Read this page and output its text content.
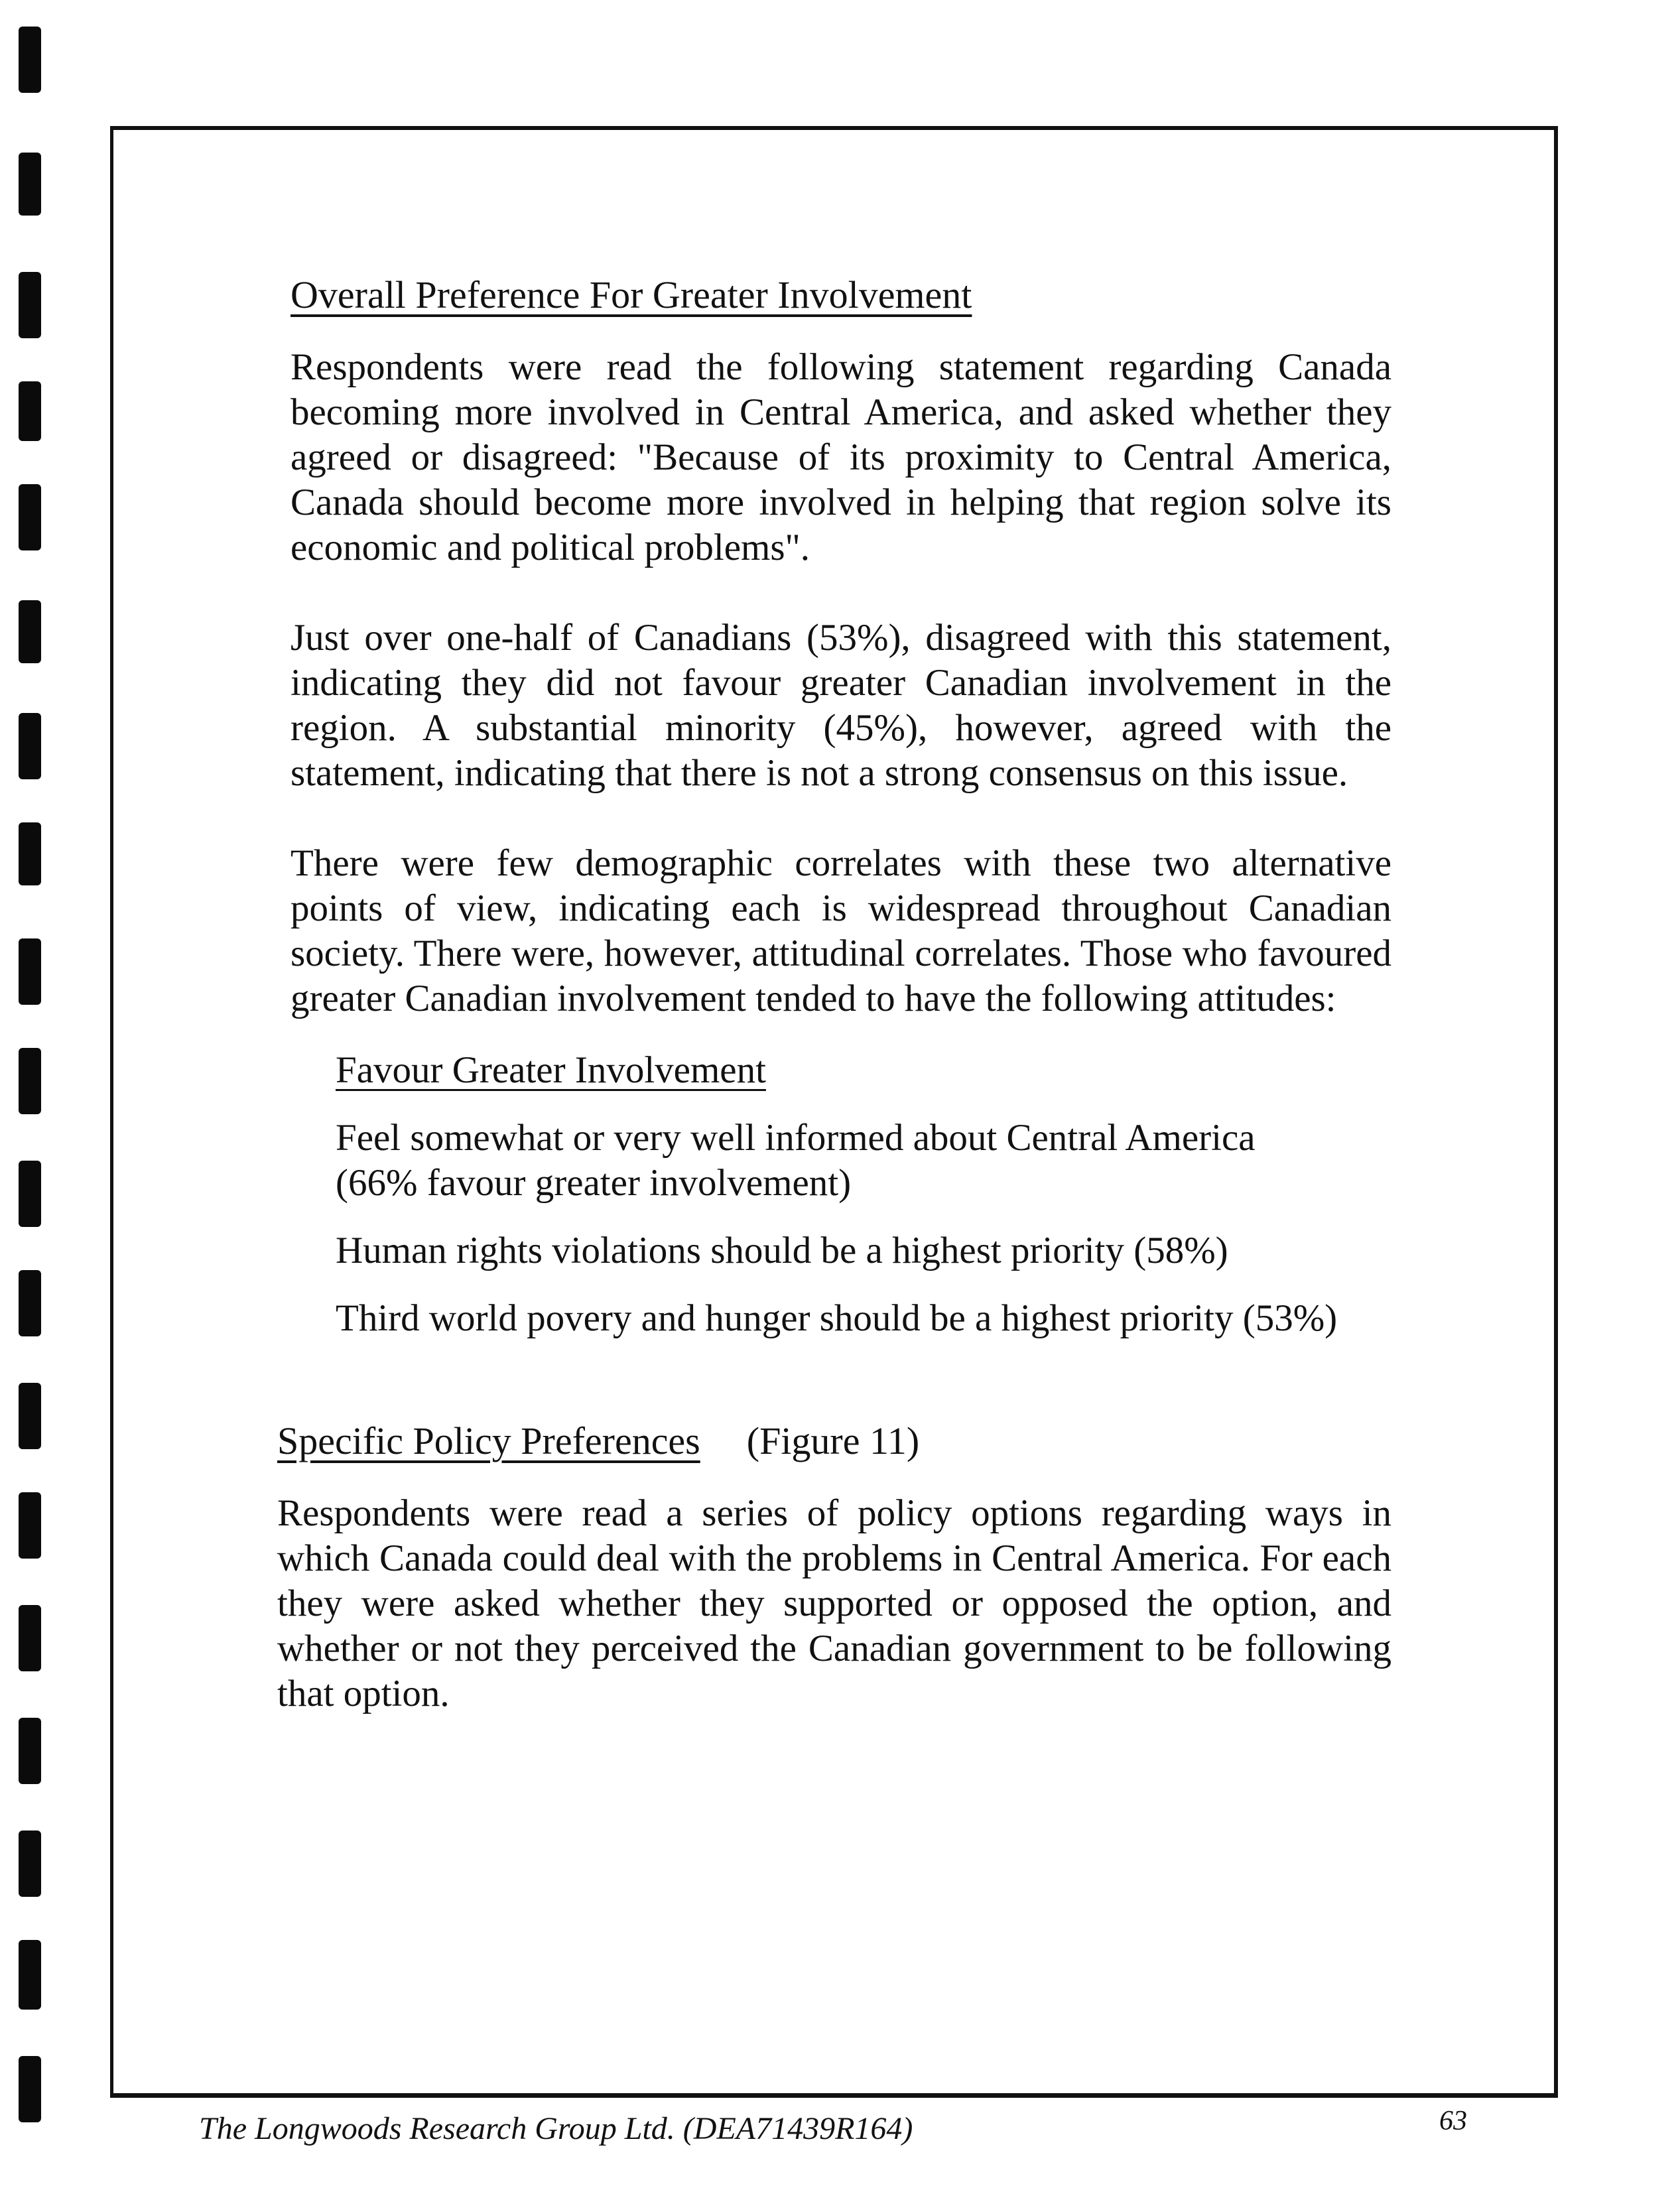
Overall Preference For Greater Involvement

Respondents were read the following statement regarding Canada becoming more involved in Central America, and asked whether they agreed or disagreed: "Because of its proximity to Central America, Canada should become more involved in helping that region solve its economic and political problems".

Just over one-half of Canadians (53%), disagreed with this statement, indicating they did not favour greater Canadian involvement in the region. A substantial minority (45%), however, agreed with the statement, indicating that there is not a strong consensus on this issue.

There were few demographic correlates with these two alternative points of view, indicating each is widespread throughout Canadian society. There were, however, attitudinal correlates. Those who favoured greater Canadian involvement tended to have the following attitudes:

Favour Greater Involvement
Feel somewhat or very well informed about Central America (66% favour greater involvement)
Human rights violations should be a highest priority (58%)
Third world povery and hunger should be a highest priority (53%)
Specific Policy Preferences (Figure 11)

Respondents were read a series of policy options regarding ways in which Canada could deal with the problems in Central America. For each they were asked whether they supported or opposed the option, and whether or not they perceived the Canadian government to be following that option.

The Longwoods Research Group Ltd. (DEA71439R164)	63
